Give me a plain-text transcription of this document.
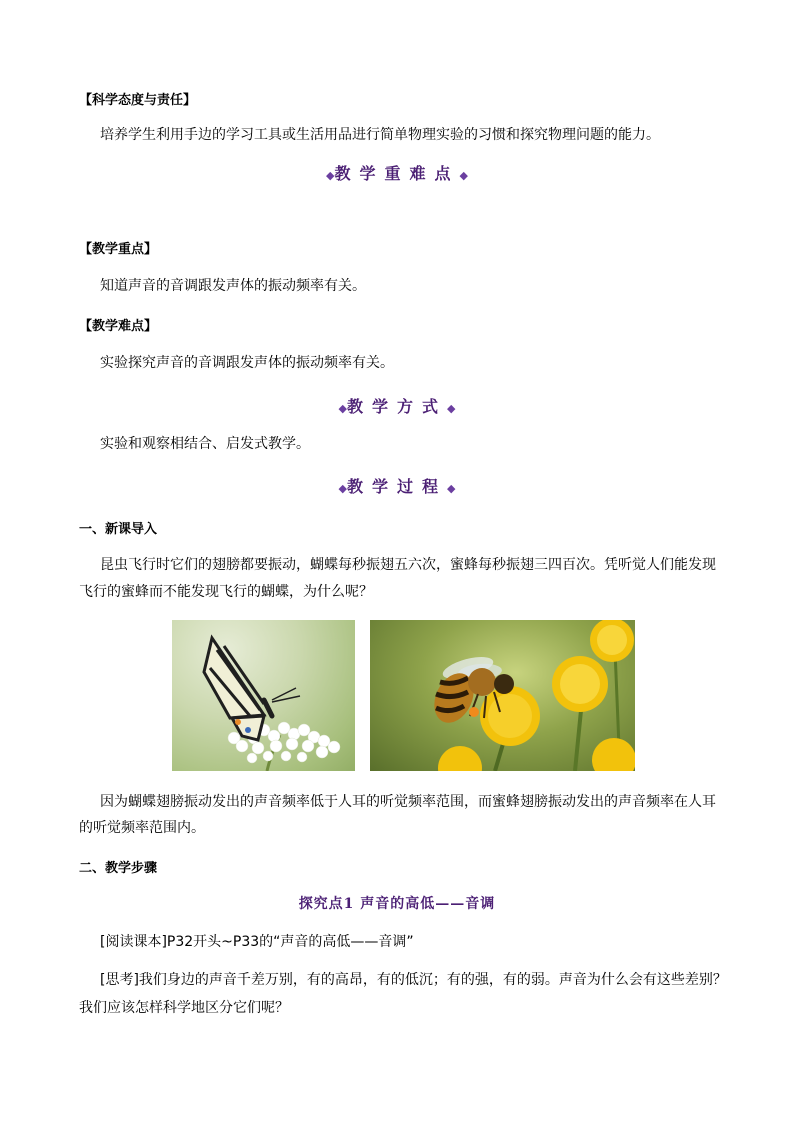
【科学态度与责任】
培养学生利用手边的学习工具或生活用品进行简单物理实验的习惯和探究物理问题的能力。
◆教学重难点◆
【教学重点】
知道声音的音调跟发声体的振动频率有关。
【教学难点】
实验探究声音的音调跟发声体的振动频率有关。
◆教学方式◆
实验和观察相结合、启发式教学。
◆教学过程◆
一、新课导入
昆虫飞行时它们的翅膀都要振动，蝴蝶每秒振翅五六次，蜜蜂每秒振翅三四百次。凭听觉人们能发现
飞行的蜜蜂而不能发现飞行的蝴蝶，为什么呢？
因为蝴蝶翅膀振动发出的声音频率低于人耳的听觉频率范围，而蜜蜂翅膀振动发出的声音频率在人耳
的听觉频率范围内。
二、教学步骤
探究点1 声音的高低——音调
[阅读课本]P32开头~P33的“声音的高低——音调”
[思考]我们身边的声音千差万别，有的高昂，有的低沉；有的强，有的弱。声音为什么会有这些差别？
我们应该怎样科学地区分它们呢？
